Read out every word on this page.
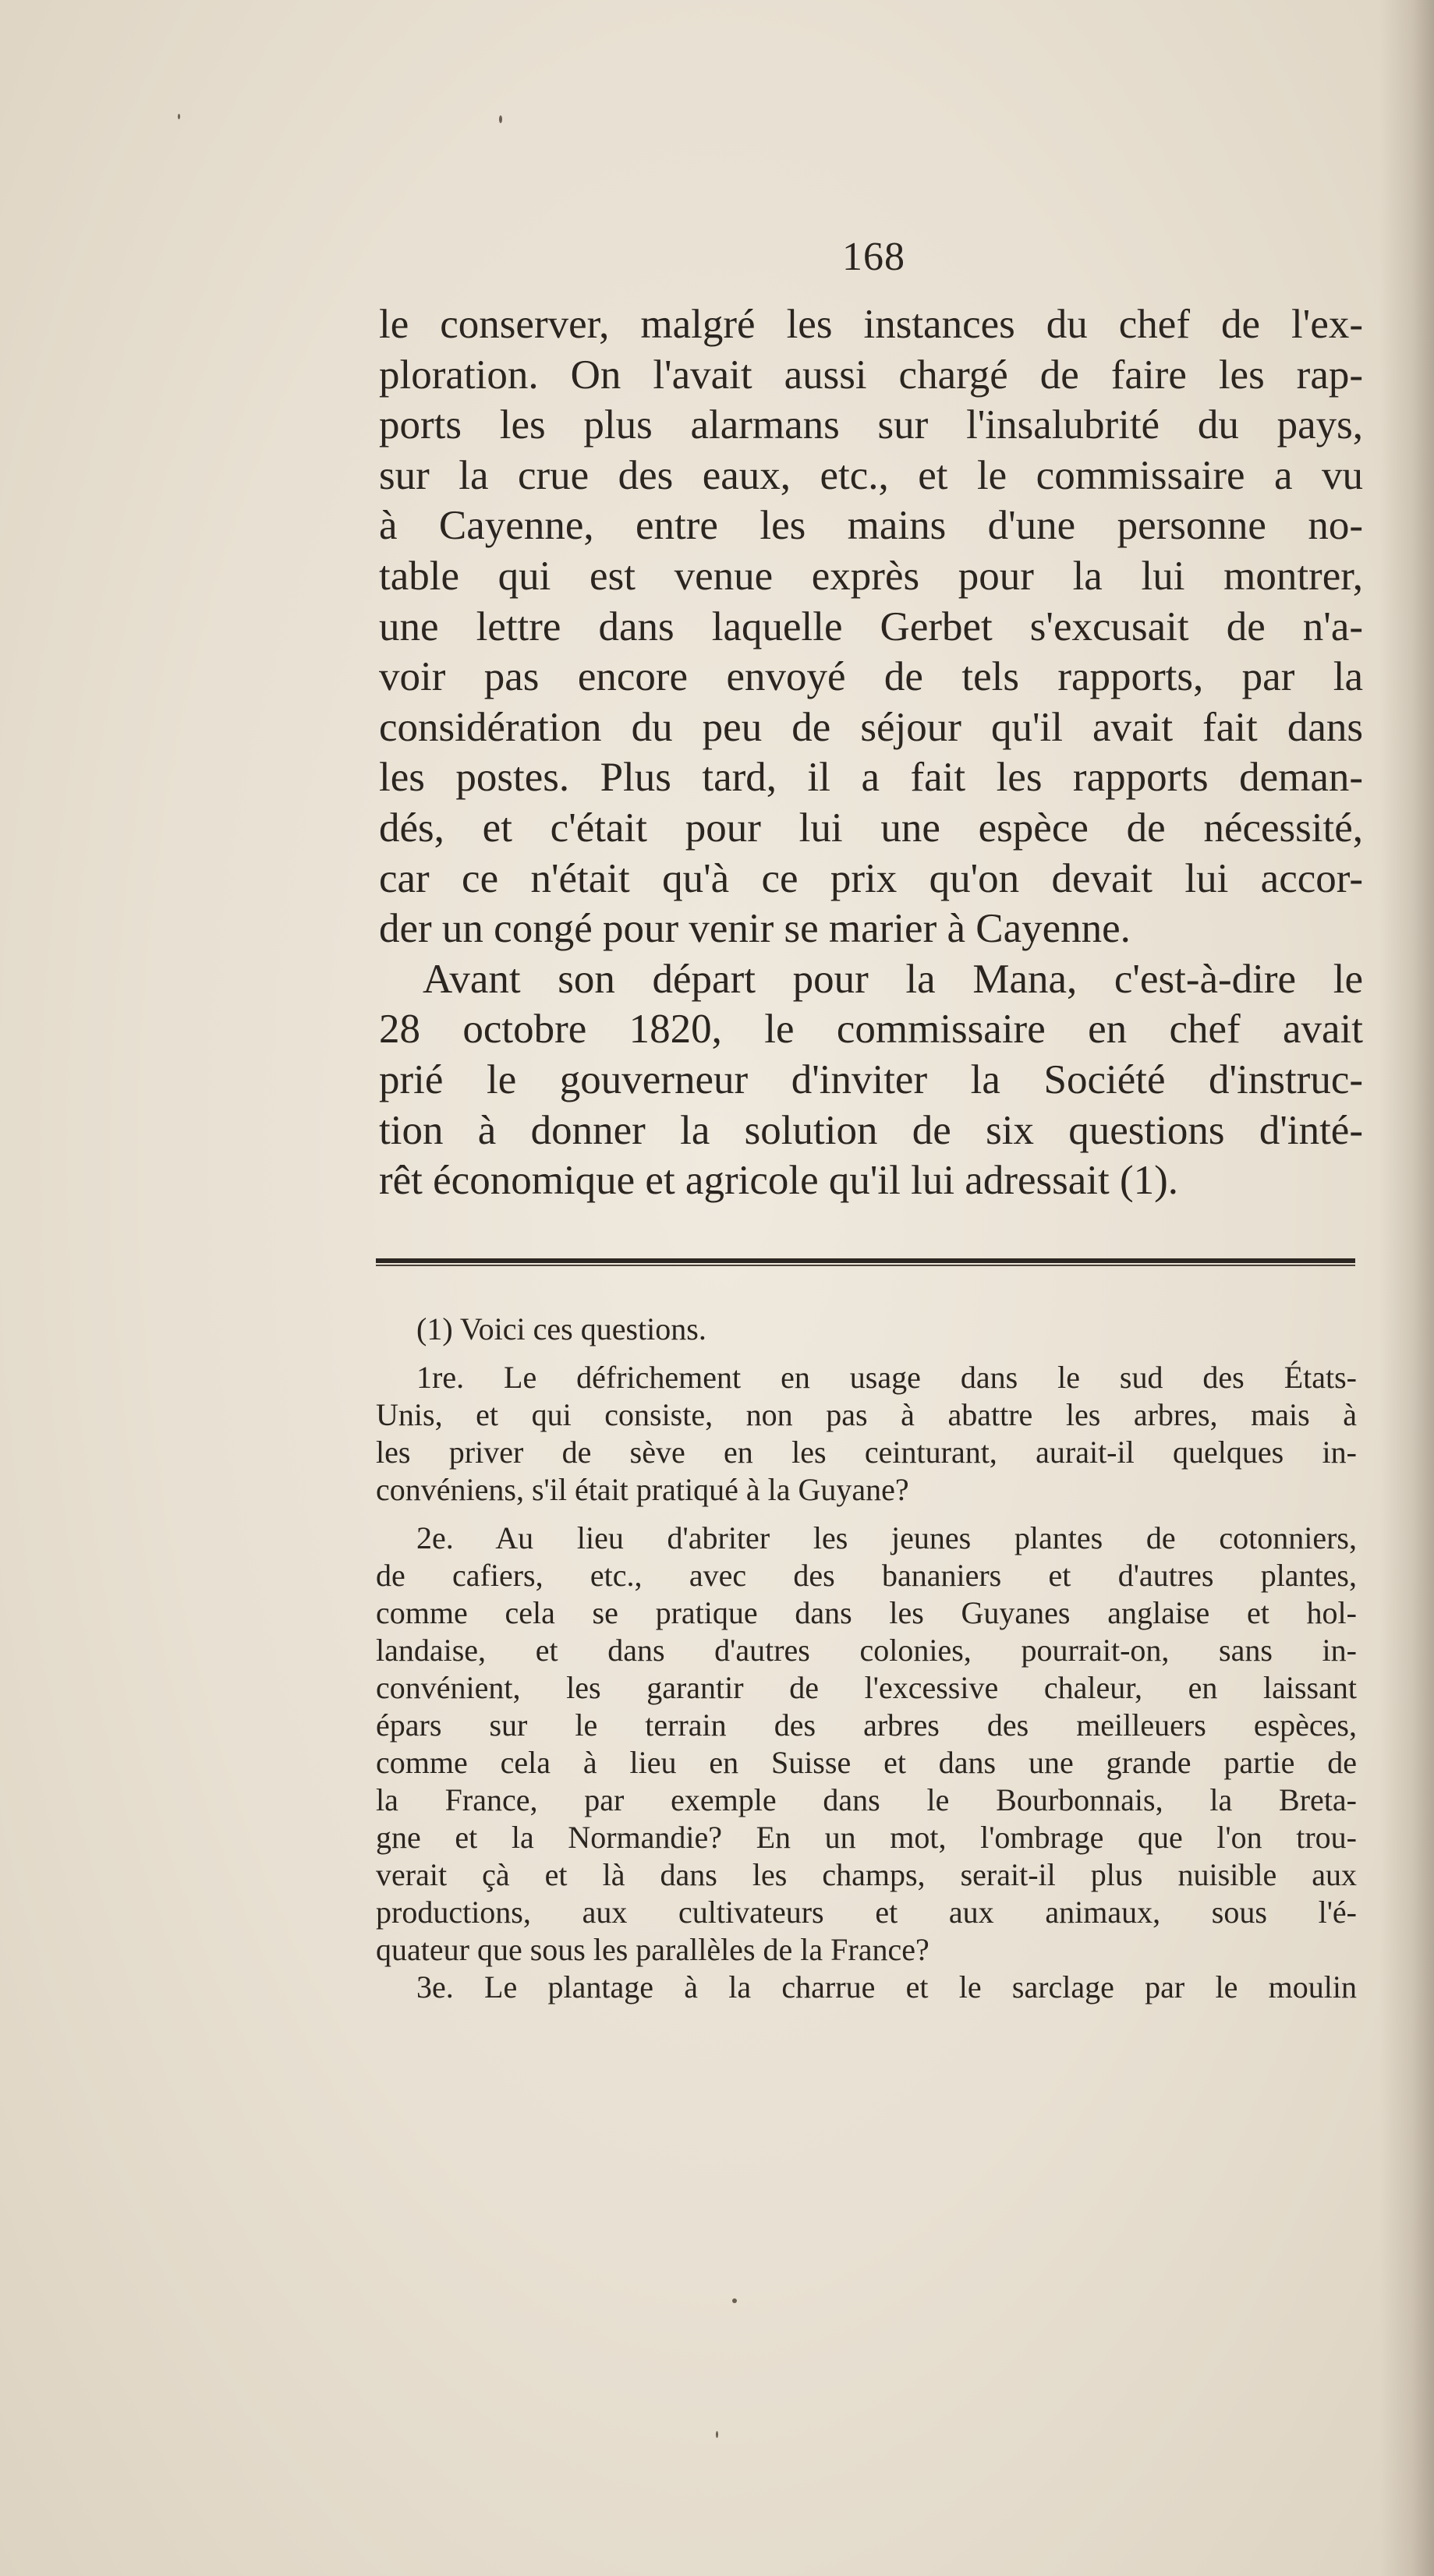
168
le conserver, malgré les instances du chef de l'ex-
ploration. On l'avait aussi chargé de faire les rap-
ports les plus alarmans sur l'insalubrité du pays,
sur la crue des eaux, etc., et le commissaire a vu
à Cayenne, entre les mains d'une personne no-
table qui est venue exprès pour la lui montrer,
une lettre dans laquelle Gerbet s'excusait de n'a-
voir pas encore envoyé de tels rapports, par la
considération du peu de séjour qu'il avait fait dans
les postes. Plus tard, il a fait les rapports deman-
dés, et c'était pour lui une espèce de nécessité,
car ce n'était qu'à ce prix qu'on devait lui accor-
der un congé pour venir se marier à Cayenne.
Avant son départ pour la Mana, c'est-à-dire le
28 octobre 1820, le commissaire en chef avait
prié le gouverneur d'inviter la Société d'instruc-
tion à donner la solution de six questions d'inté-
rêt économique et agricole qu'il lui adressait (1).
(1) Voici ces questions.
1re. Le défrichement en usage dans le sud des États-
Unis, et qui consiste, non pas à abattre les arbres, mais à
les priver de sève en les ceinturant, aurait-il quelques in-
convéniens, s'il était pratiqué à la Guyane?
2e. Au lieu d'abriter les jeunes plantes de cotonniers,
de cafiers, etc., avec des bananiers et d'autres plantes,
comme cela se pratique dans les Guyanes anglaise et hol-
landaise, et dans d'autres colonies, pourrait-on, sans in-
convénient, les garantir de l'excessive chaleur, en laissant
épars sur le terrain des arbres des meilleuers espèces,
comme cela à lieu en Suisse et dans une grande partie de
la France, par exemple dans le Bourbonnais, la Breta-
gne et la Normandie? En un mot, l'ombrage que l'on trou-
verait çà et là dans les champs, serait-il plus nuisible aux
productions, aux cultivateurs et aux animaux, sous l'é-
quateur que sous les parallèles de la France?
3e. Le plantage à la charrue et le sarclage par le moulin
